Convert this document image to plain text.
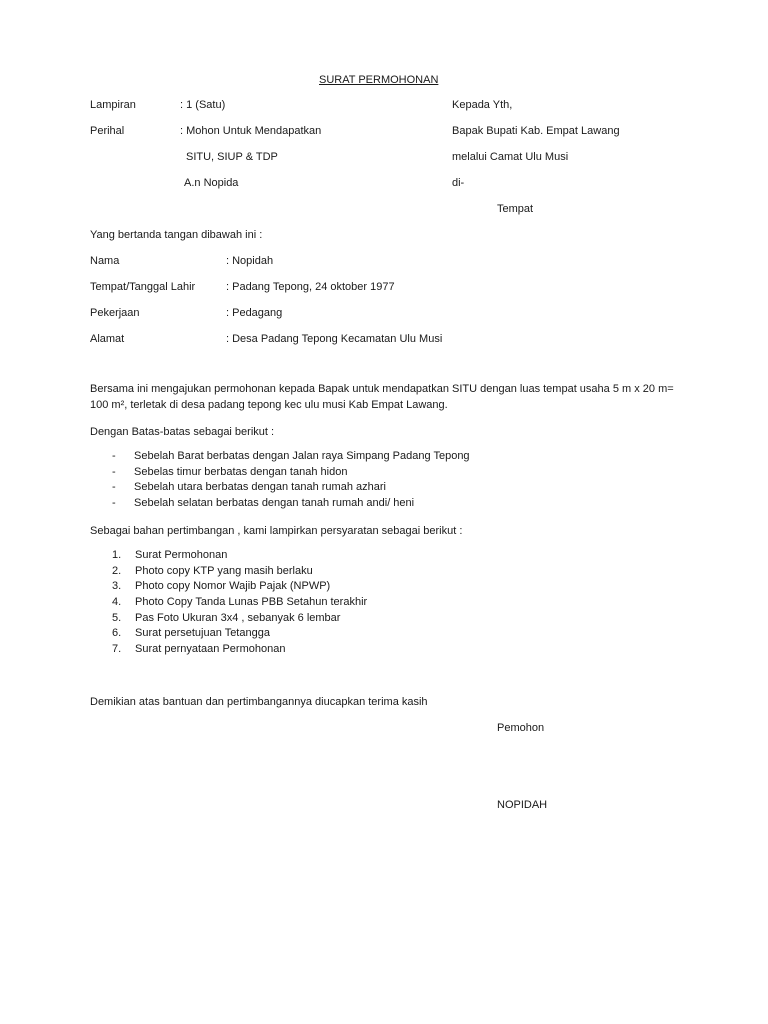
SURAT PERMOHONAN
Lampiran	: 1 (Satu)
Perihal	: Mohon Untuk Mendapatkan
SITU, SIUP & TDP
A.n Nopida
Kepada Yth,
Bapak Bupati Kab. Empat Lawang
melalui Camat Ulu Musi
di-
Tempat
Yang bertanda tangan dibawah ini :
Nama	: Nopidah
Tempat/Tanggal Lahir	: Padang Tepong, 24 oktober 1977
Pekerjaan	: Pedagang
Alamat	: Desa Padang Tepong Kecamatan Ulu Musi
Bersama ini mengajukan permohonan kepada Bapak untuk mendapatkan SITU dengan luas tempat usaha 5 m x 20 m= 100 m², terletak di desa padang tepong kec ulu musi Kab Empat Lawang.
Dengan Batas-batas sebagai berikut :
- Sebelah Barat berbatas dengan Jalan raya Simpang Padang Tepong
- Sebelas timur berbatas dengan tanah hidon
- Sebelah utara berbatas dengan tanah rumah azhari
- Sebelah selatan berbatas dengan tanah rumah andi/ heni
Sebagai bahan pertimbangan , kami lampirkan persyaratan sebagai berikut :
1. Surat Permohonan
2. Photo copy KTP yang masih berlaku
3. Photo copy Nomor Wajib Pajak (NPWP)
4. Photo Copy Tanda Lunas PBB Setahun terakhir
5. Pas Foto Ukuran 3x4 , sebanyak 6 lembar
6. Surat persetujuan Tetangga
7. Surat pernyataan Permohonan
Demikian atas bantuan dan pertimbangannya diucapkan terima kasih
Pemohon
NOPIDAH
